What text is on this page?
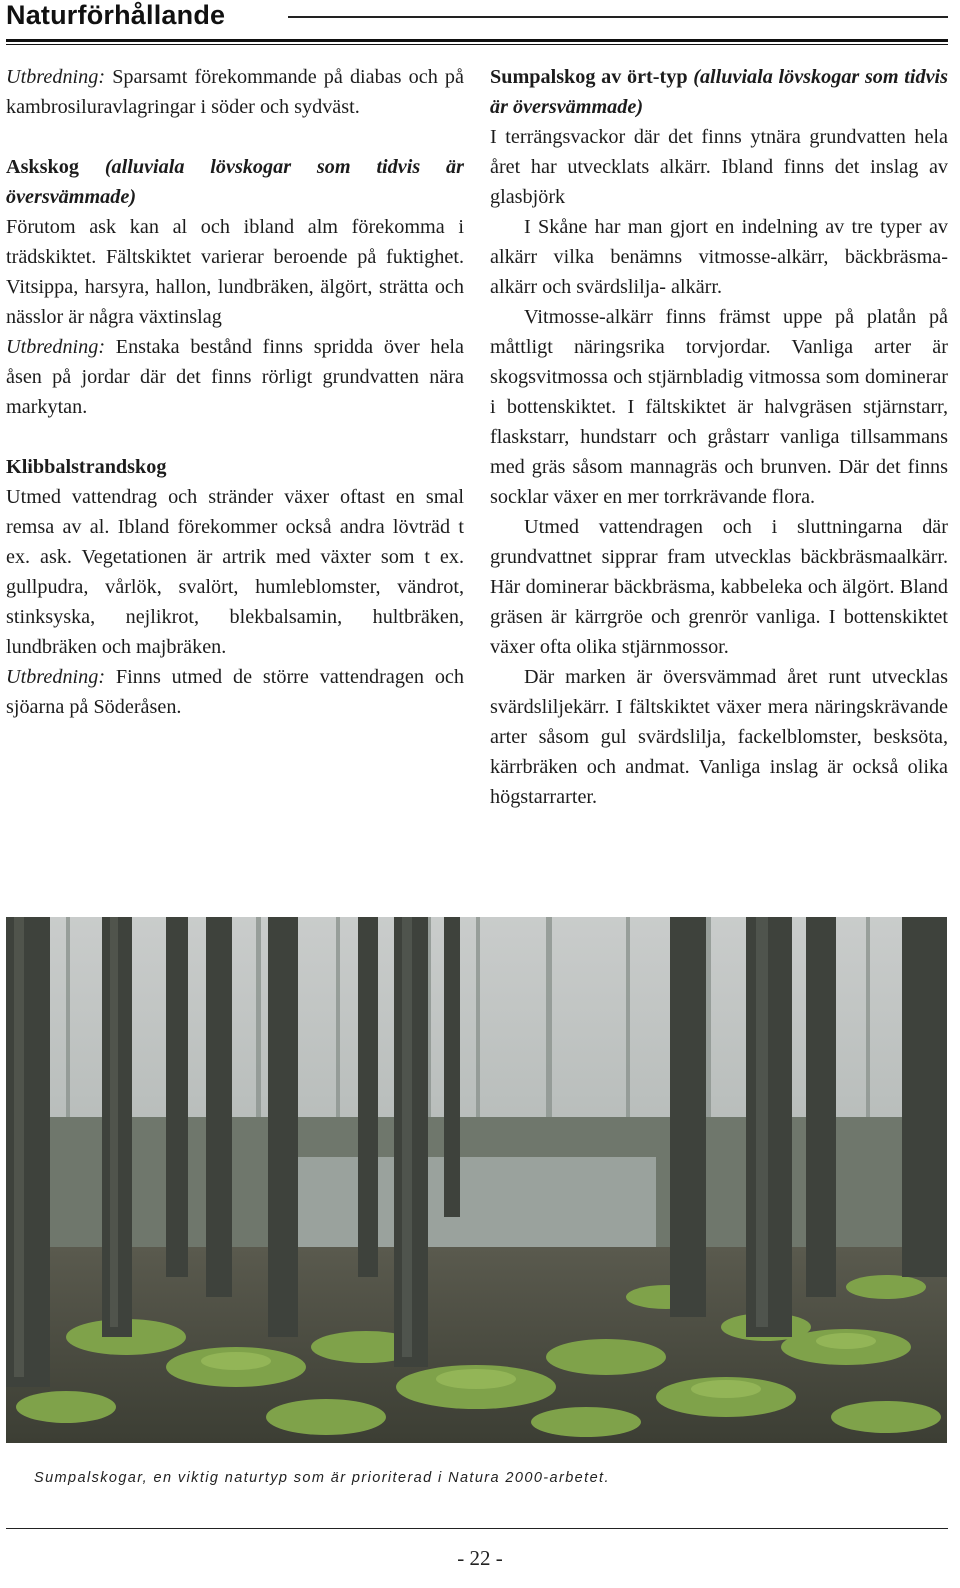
Naturförhållande

Utbredning: Sparsamt förekommande på diabas och på kambrosiluravlagringar i söder och sydväst.

Askskog (alluviala lövskogar som tidvis är översvämmade)

Förutom ask kan al och ibland alm förekomma i trädskiktet. Fältskiktet varierar beroende på fuktighet. Vitsippa, harsyra, hallon, lundbräken, älgört, strätta och nässlor är några växtinslag

Utbredning: Enstaka bestånd finns spridda över hela åsen på jordar där det finns rörligt grundvatten nära markytan.

Klibbalstrandskog

Utmed vattendrag och stränder växer oftast en smal remsa av al. Ibland förekommer också andra lövträd t ex. ask. Vegetationen är artrik med växter som t ex. gullpudra, vårlök, svalört, humleblomster, vändrot, stinksyska, nejlikrot, blekbalsamin, hultbräken, lundbräken och majbräken.

Utbredning: Finns utmed de större vattendragen och sjöarna på Söderåsen.

Sumpalskog av ört-typ (alluviala lövskogar som tidvis är översvämmade)

I terrängsvackor där det finns ytnära grundvatten hela året har utvecklats alkärr. Ibland finns det inslag av glasbjörk

I Skåne har man gjort en indelning av tre typer av alkärr vilka benämns vitmosse-alkärr, bäckbräsma-alkärr och svärdslilja- alkärr.

Vitmosse-alkärr finns främst uppe på platån på måttligt näringsrika torvjordar. Vanliga arter är skogsvitmossa och stjärnbladig vitmossa som dominerar i bottenskiktet. I fältskiktet är halvgräsen stjärnstarr, flaskstarr, hundstarr och gråstarr vanliga tillsammans med gräs såsom mannagräs och brunven. Där det finns socklar växer en mer torrkrävande flora.

Utmed vattendragen och i sluttningarna där grundvattnet sipprar fram utvecklas bäckbräsmaalkärr. Här dominerar bäckbräsma, kabbeleka och älgört. Bland gräsen är kärrgröe och grenrör vanliga. I bottenskiktet växer ofta olika stjärnmossor.

Där marken är översvämmad året runt utvecklas svärdsliljekärr. I fältskiktet växer mera näringskrävande arter såsom gul svärdslilja, fackelblomster, besksöta, kärrbräken och andmat. Vanliga inslag är också olika högstarrarter.

Sumpalskogar, en viktig naturtyp som är prioriterad i Natura 2000-arbetet.
- 22 -
